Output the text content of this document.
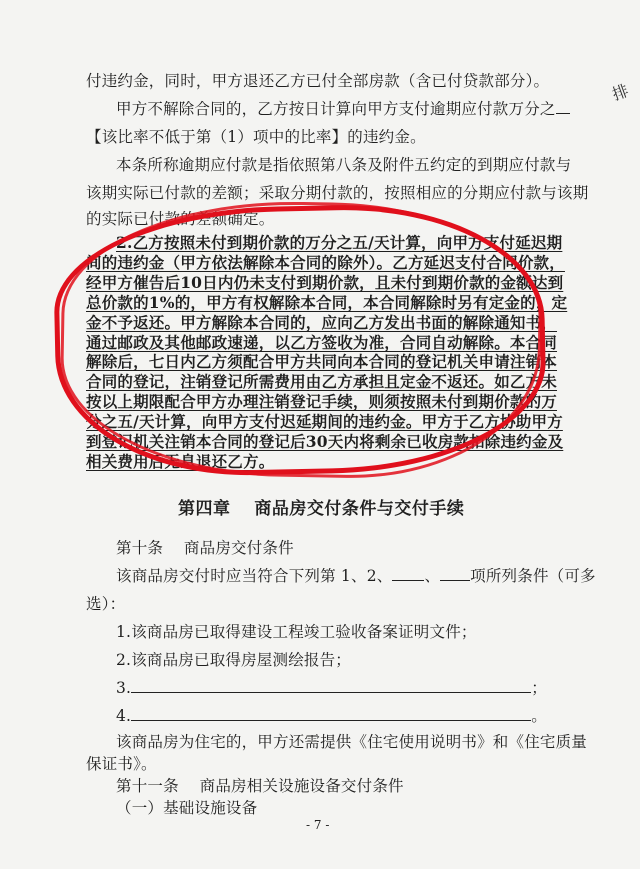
排
付违约金，同时，甲方退还乙方已付全部房款（含已付贷款部分）。
甲方不解除合同的，乙方按日计算向甲方支付逾期应付款万分之
【该比率不低于第（1）项中的比率】的违约金。
本条所称逾期应付款是指依照第八条及附件五约定的到期应付款与
该期实际已付款的差额；采取分期付款的，按照相应的分期应付款与该期
的实际已付款的差额确定。
2.乙方按照未付到期价款的万分之五/天计算，向甲方支付延迟期
间的违约金（甲方依法解除本合同的除外）。乙方延迟支付合同价款，
经甲方催告后10日内仍未支付到期价款，且未付到期价款的金额达到
总价款的1%的，甲方有权解除本合同，本合同解除时另有定金的，定
金不予返还。甲方解除本合同的，应向乙方发出书面的解除通知书，
通过邮政及其他邮政速递，以乙方签收为准，合同自动解除。本合同
解除后，七日内乙方须配合甲方共同向本合同的登记机关申请注销本
合同的登记，注销登记所需费用由乙方承担且定金不返还。如乙方未
按以上期限配合甲方办理注销登记手续，则须按照未付到期价款的万
分之五/天计算，向甲方支付迟延期间的违约金。甲方于乙方协助甲方
到登记机关注销本合同的登记后30天内将剩余已收房款扣除违约金及
相关费用后无息退还乙方。
第四章　 商品房交付条件与交付手续
第十条　 商品房交付条件
该商品房交付时应当符合下列第 1、2、 、 项所列条件（可多
选）：
1.该商品房已取得建设工程竣工验收备案证明文件；
2.该商品房已取得房屋测绘报告；
3.	；
4.	。
该商品房为住宅的，甲方还需提供《住宅使用说明书》和《住宅质量
保证书》。
第十一条　 商品房相关设施设备交付条件
（一）基础设施设备
- 7 -
